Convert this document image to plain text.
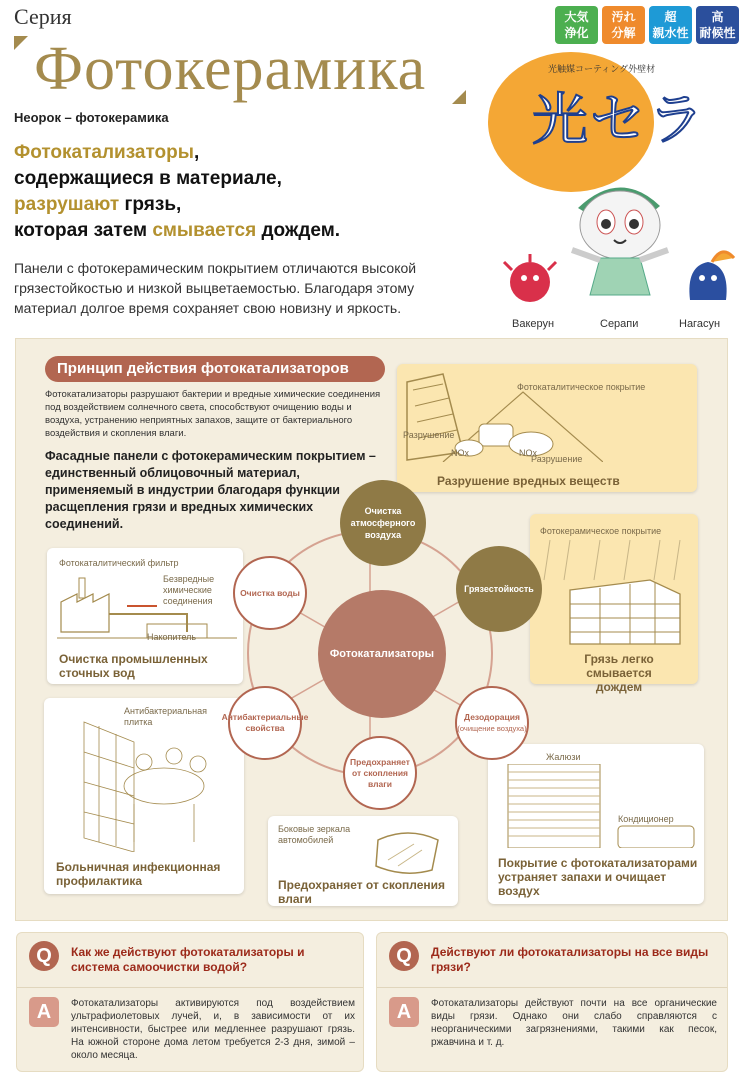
Серия
Фотокерамика
Неорок – фотокерамика
Фотокатализаторы,
содержащиеся в материале,
разрушают грязь,
которая затем смывается дождем.
Панели с фотокерамическим покрытием отличаются высокой грязестойкостью и низкой выцветаемостью. Благодаря этому материал долгое время сохраняет свою новизну и яркость.
大気
浄化
汚れ
分解
超
親水性
高
耐候性
光触媒コーティング外壁材
光セラ
Вакерун	Серапи	Нагасун
Принцип действия фотокатализаторов
Фотокатализаторы разрушают бактерии и вредные химические соединения под воздействием солнечного света, способствуют очищению воды и воздуха, устранению неприятных запахов, защите от бактериального воздействия и скопления влаги.
Фасадные панели с фотокерамическим покрытием – единственный облицовочный материал, применяемый в индустрии благодаря функции расщепления грязи и вредных химических соединений.
Фотокаталитическое покрытие
Разрушение
NOx	NOx
Разрушение
Разрушение вредных веществ
Фотокерамическое покрытие
Грязь легко смывается дождем
Фотокаталитический фильтр
Безвредные химические соединения
Накопитель
Очистка промышленных сточных вод
Антибактериальная плитка
Больничная инфекционная профилактика
Боковые зеркала автомобилей
Предохраняет от скопления влаги
Жалюзи
Кондиционер
Покрытие с фотокатализаторами устраняет запахи и очищает воздух
Фотокатализаторы
Очистка атмосферного воздуха
Грязестойкость
Очистка воды
Антибактериальные свойства
Дезодорация
(очищение воздуха)
Предохраняет от скопления влаги
Q	Как же действуют фотокатализаторы и система самоочистки водой?
A	Фотокатализаторы активируются под воздействием ультрафиолетовых лучей, и, в зависимости от их интенсивности, быстрее или медленнее разрушают грязь. На южной стороне дома летом требуется 2-3 дня, зимой – около месяца.
Q	Действуют ли фотокатализаторы на все виды грязи?
A	Фотокатализаторы действуют почти на все органические виды грязи. Однако они слабо справляются с неорганическими загрязнениями, такими как песок, ржавчина и т. д.
